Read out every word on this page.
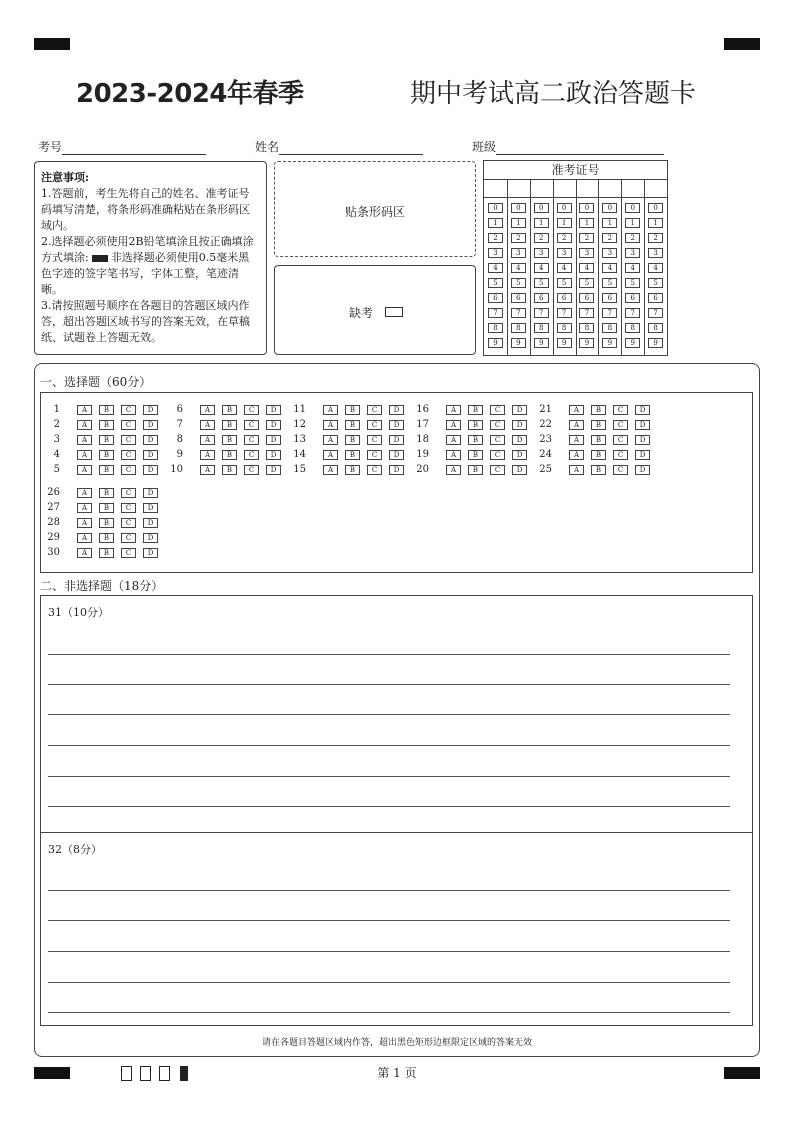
2023-2024年春季	期中考试高二政治答题卡
考号	姓名	班级
注意事项:
1.答题前，考生先将自己的姓名、准考证号码填写清楚，将条形码准确粘贴在条形码区域内。
2.选择题必须使用2B铅笔填涂且按正确填涂方式填涂: 非选择题必须使用0.5毫米黑色字迹的签字笔书写，字体工整，笔迹清晰。
3.请按照题号顺序在各题目的答题区域内作答，超出答题区域书写的答案无效，在草稿纸、试题卷上答题无效。
贴条形码区
缺考
准考证号
0	0	0	0	0	0	0	0
1	1	1	1	1	1	1	1
2	2	2	2	2	2	2	2
3	3	3	3	3	3	3	3
4	4	4	4	4	4	4	4
5	5	5	5	5	5	5	5
6	6	6	6	6	6	6	6
7	7	7	7	7	7	7	7
8	8	8	8	8	8	8	8
9	9	9	9	9	9	9	9
一、选择题（60分）
二、非选择题（18分）
31（10分）
32（8分）
请在各题目答题区域内作答，超出黑色矩形边框限定区域的答案无效
第 1 页
1	A	B	C	D
2	A	B	C	D
3	A	B	C	D
4	A	B	C	D
5	A	B	C	D
6	A	B	C	D
7	A	B	C	D
8	A	B	C	D
9	A	B	C	D
10	A	B	C	D
11	A	B	C	D
12	A	B	C	D
13	A	B	C	D
14	A	B	C	D
15	A	B	C	D
16	A	B	C	D
17	A	B	C	D
18	A	B	C	D
19	A	B	C	D
20	A	B	C	D
21	A	B	C	D
22	A	B	C	D
23	A	B	C	D
24	A	B	C	D
25	A	B	C	D
26	A	B	C	D
27	A	B	C	D
28	A	B	C	D
29	A	B	C	D
30	A	B	C	D
